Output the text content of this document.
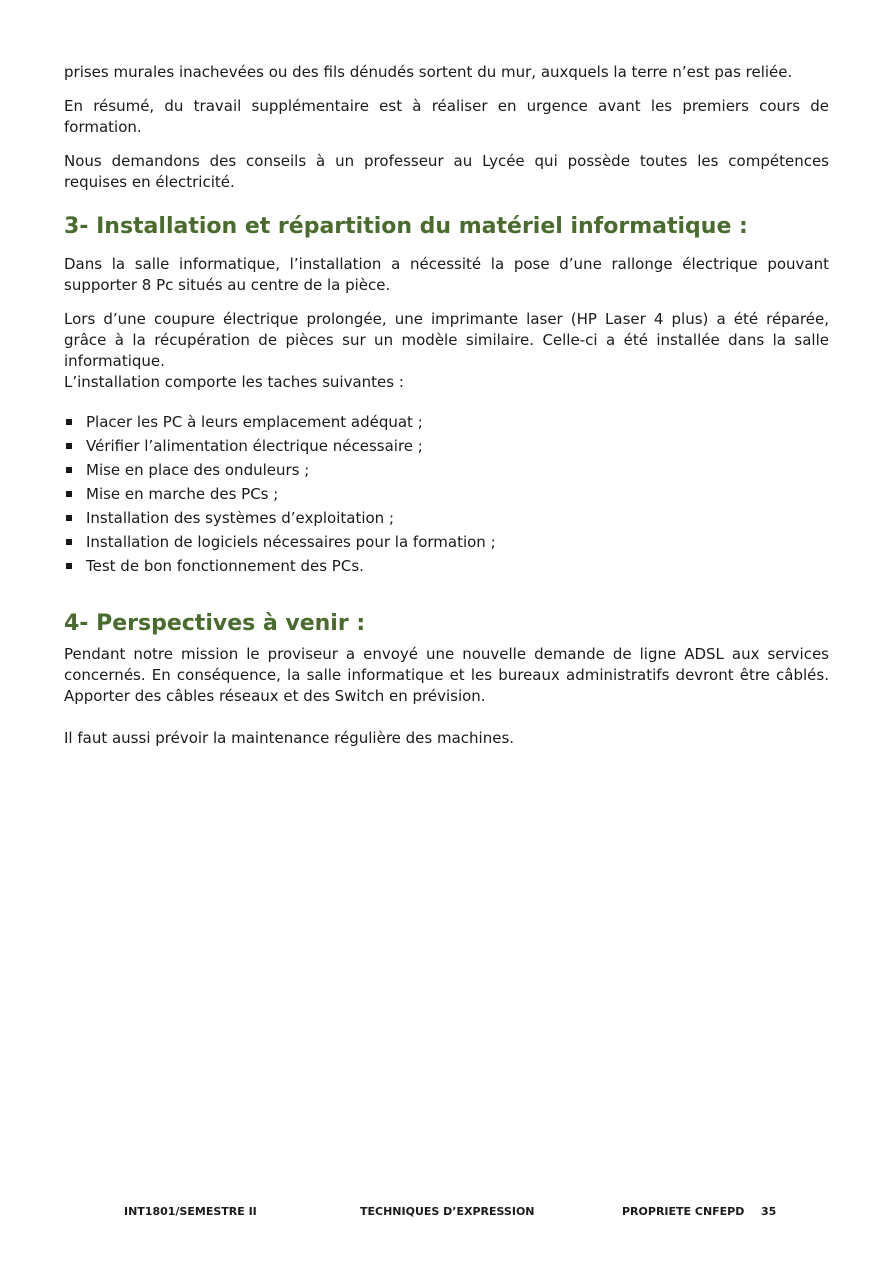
prises murales inachevées ou des fils dénudés sortent du mur, auxquels la terre n’est pas reliée.

En résumé, du travail supplémentaire est à réaliser en urgence avant les premiers cours de formation.

Nous demandons des conseils à un professeur au Lycée qui possède toutes les compétences requises en électricité.

3- Installation et répartition du matériel informatique :

Dans la salle informatique, l’installation a nécessité la pose d’une rallonge électrique pouvant supporter 8 Pc situés au centre de la pièce.

Lors d’une coupure électrique prolongée, une imprimante laser (HP Laser 4 plus) a été réparée, grâce à la récupération de pièces sur un modèle similaire. Celle-ci a été installée dans la salle informatique.

L’installation comporte les taches suivantes :

Placer les PC à leurs emplacement adéquat ;
Vérifier l’alimentation électrique nécessaire ;
Mise en place des onduleurs ;
Mise en marche des PCs ;
Installation des systèmes d’exploitation ;
Installation de logiciels nécessaires pour la formation ;
Test de bon fonctionnement des PCs.
4- Perspectives à venir :

Pendant notre mission le proviseur a envoyé une nouvelle demande de ligne ADSL aux services concernés. En conséquence, la salle informatique et les bureaux administratifs devront être câblés. Apporter des câbles réseaux et des Switch en prévision.

Il faut aussi prévoir la maintenance régulière des machines.

INT1801/SEMESTRE II	TECHNIQUES D’EXPRESSION	PROPRIETE CNFEPD 35
